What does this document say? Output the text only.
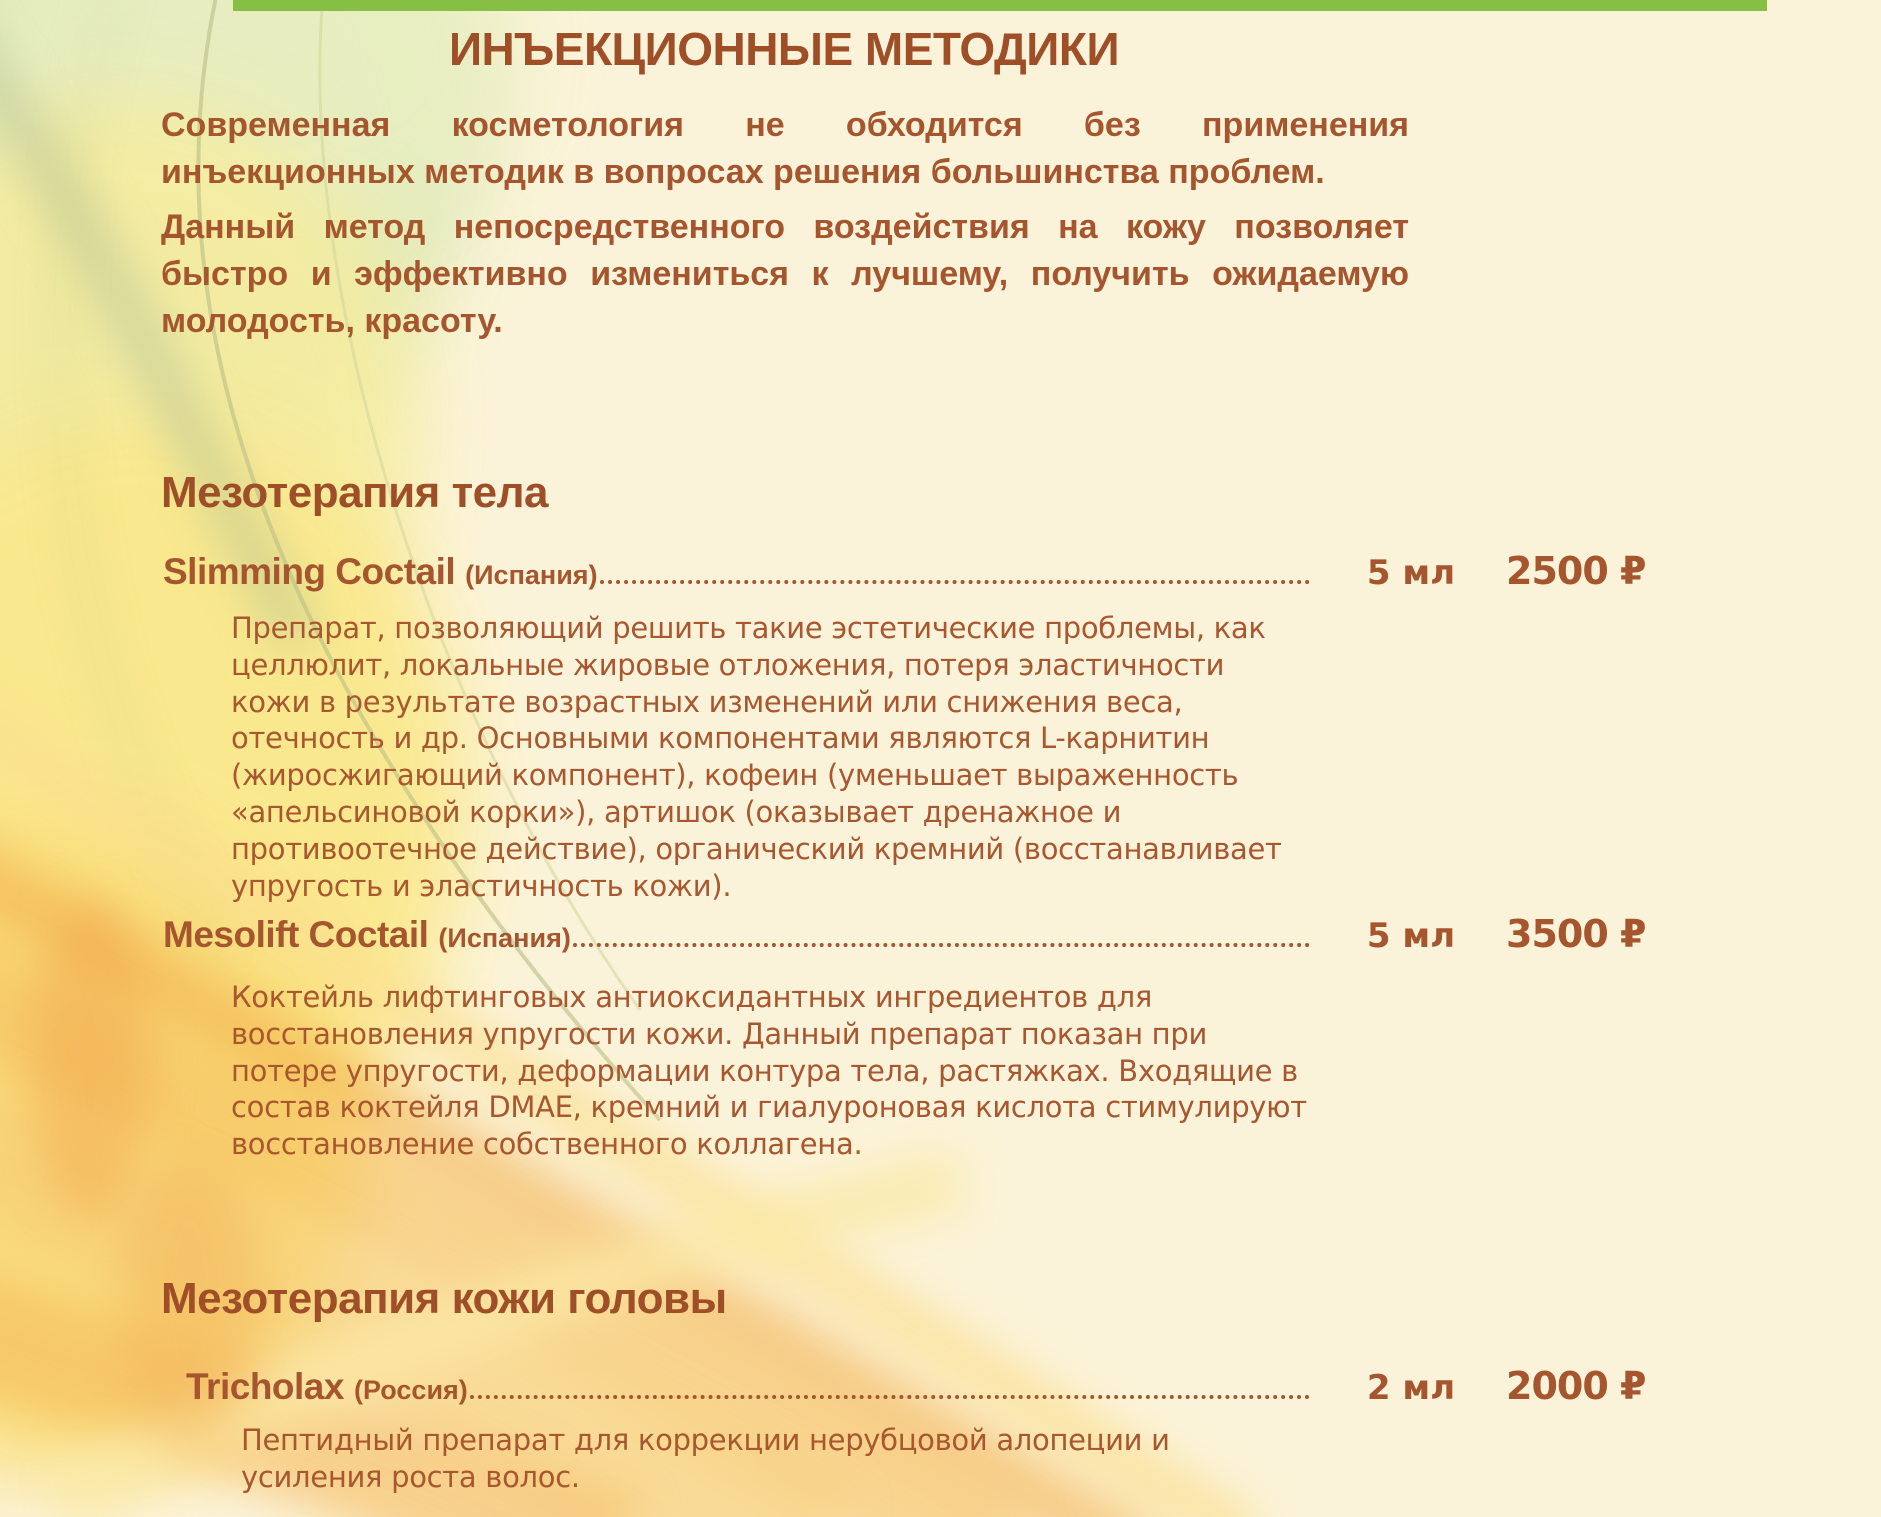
ИНЪЕКЦИОННЫЕ МЕТОДИКИ

Современная косметология не обходится без применения инъекционных методик в вопросах решения большинства проблем.

Данный метод непосредственного воздействия на кожу позволяет быстро и эффективно измениться к лучшему, получить ожидаемую молодость, красоту.

Мезотерапия тела
Slimming Coctail (Испания)	5 мл	2500 ₽

Препарат, позволяющий решить такие эстетические проблемы, как целлюлит, локальные жировые отложения, потеря эластичности кожи в результате возрастных изменений или снижения веса, отечность и др. Основными компонентами являются L-карнитин (жиросжигающий компонент), кофеин (уменьшает выраженность «апельсиновой корки»), артишок (оказывает дренажное и противоотечное действие), органический кремний (восстанавливает упругость и эластичность кожи).

Mesolift Coctail (Испания)	5 мл	3500 ₽

Коктейль лифтинговых антиоксидантных ингредиентов для восстановления упругости кожи. Данный препарат показан при потере упругости, деформации контура тела, растяжках. Входящие в состав коктейля DMAE, кремний и гиалуроновая кислота стимулируют восстановление собственного коллагена.

Мезотерапия кожи головы
Tricholax (Россия)	2 мл	2000 ₽

Пептидный препарат для коррекции нерубцовой алопеции и усиления роста волос.
